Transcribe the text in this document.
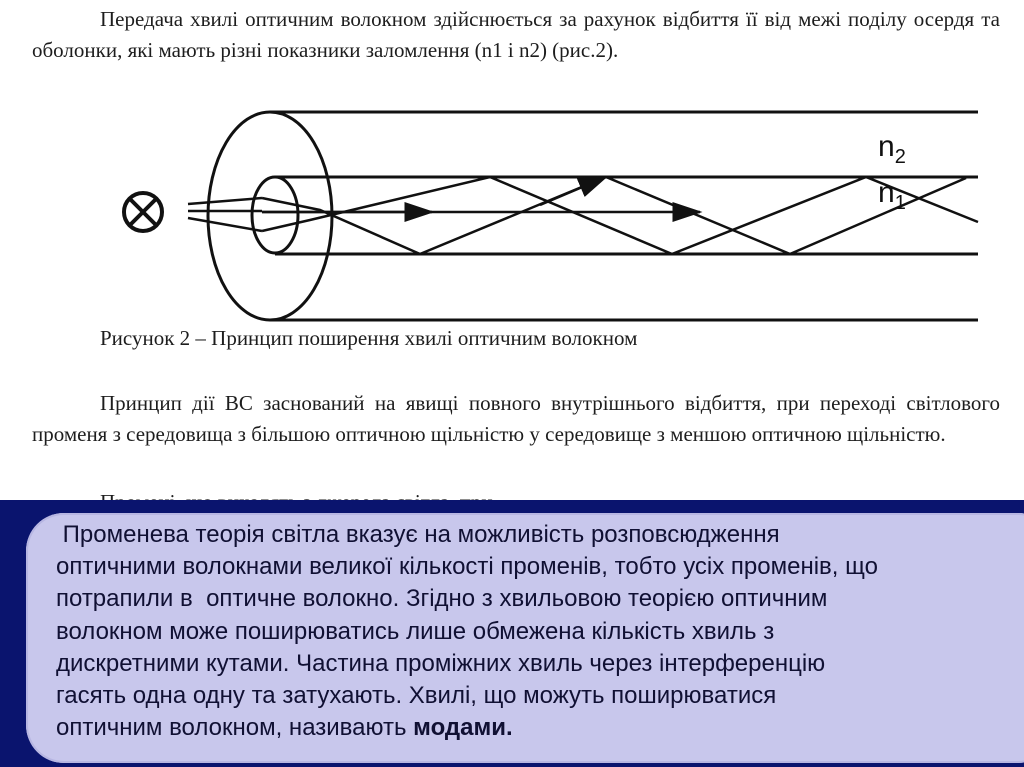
Передача хвилі оптичним волокном здійснюється за рахунок відбиття її від межі поділу осердя та оболонки, які мають різні показники заломлення (n1 і n2) (рис.2).

$n_2$
$n_1$
Рисунок 2 – Принцип поширення хвилі оптичним волокном

Принцип дії ВС заснований на явищі повного внутрішнього відбиття, при переході світлового променя з середовища з більшою оптичною щільністю у середовище з меншою оптичною щільністю.

Променева теорія світла вказує на можливість розповсюдження
оптичними волокнами великої кількості променів, тобто усіх променів, що
потрапили в  оптичне волокно. Згідно з хвильовою теорією оптичним
волокном може поширюватись лише обмежена кількість хвиль з
дискретними кутами. Частина проміжних хвиль через інтерференцію
гасять одна одну та затухають. Хвилі, що можуть поширюватися
оптичним волокном, називають модами.
